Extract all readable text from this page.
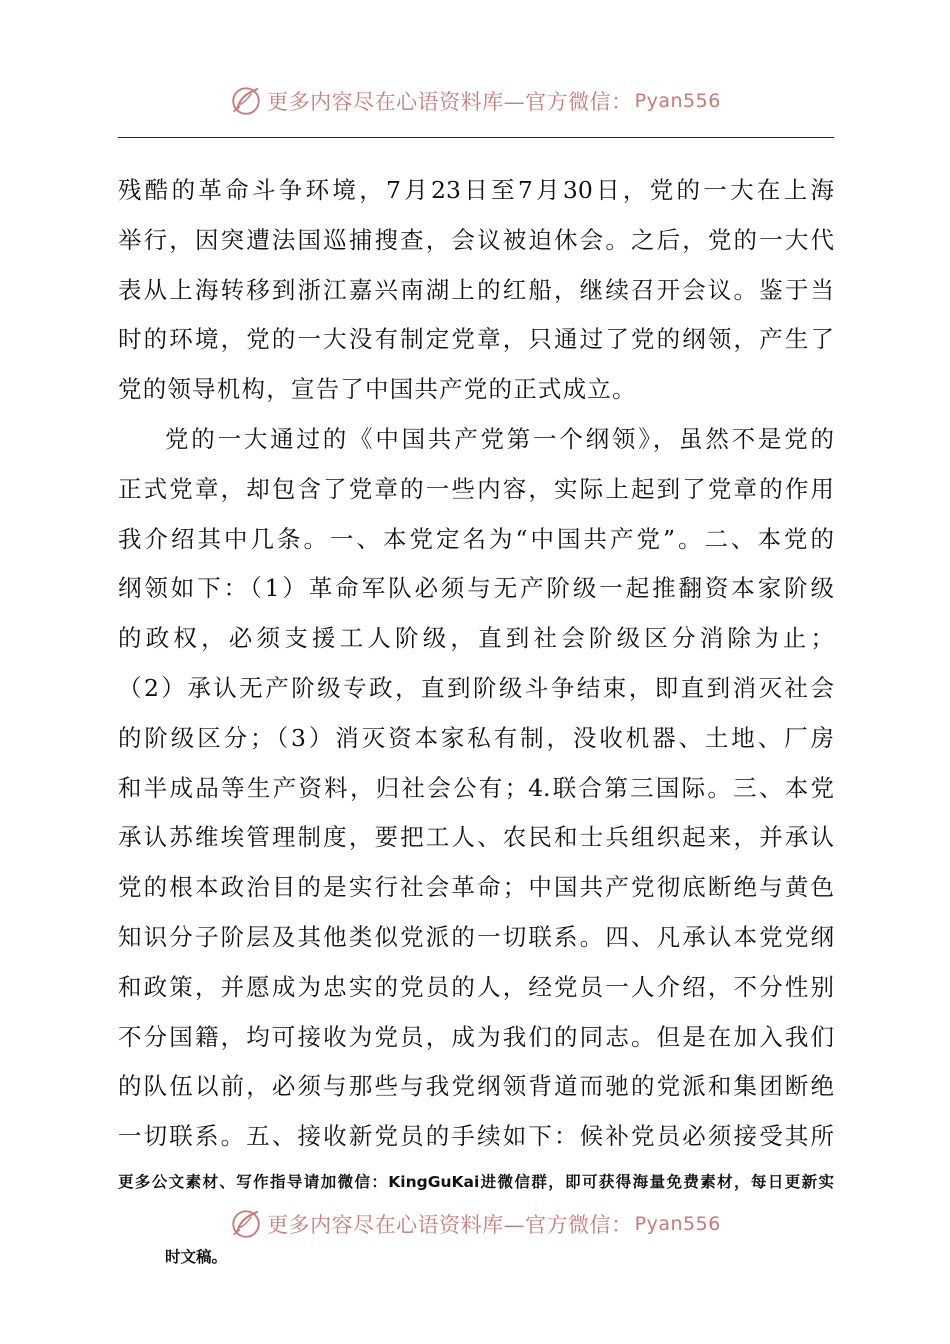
更多内容尽在心语资料库—官方微信： Pyan556
残酷的革命斗争环境，7月23日至7月30日，党的一大在上海
举行，因突遭法国巡捕搜查，会议被迫休会。之后，党的一大代
表从上海转移到浙江嘉兴南湖上的红船，继续召开会议。鉴于当
时的环境，党的一大没有制定党章，只通过了党的纲领，产生了
党的领导机构，宣告了中国共产党的正式成立。
党的一大通过的《中国共产党第一个纲领》，虽然不是党的
正式党章，却包含了党章的一些内容，实际上起到了党章的作用
我介绍其中几条。一、本党定名为“中国共产党”。二、本党的
纲领如下：（1）革命军队必须与无产阶级一起推翻资本家阶级
的政权，必须支援工人阶级，直到社会阶级区分消除为止；
（2）承认无产阶级专政，直到阶级斗争结束，即直到消灭社会
的阶级区分；（3）消灭资本家私有制，没收机器、土地、厂房
和半成品等生产资料，归社会公有；4.联合第三国际。三、本党
承认苏维埃管理制度，要把工人、农民和士兵组织起来，并承认
党的根本政治目的是实行社会革命；中国共产党彻底断绝与黄色
知识分子阶层及其他类似党派的一切联系。四、凡承认本党党纲
和政策，并愿成为忠实的党员的人，经党员一人介绍，不分性别
不分国籍，均可接收为党员，成为我们的同志。但是在加入我们
的队伍以前，必须与那些与我党纲领背道而驰的党派和集团断绝
一切联系。五、接收新党员的手续如下：候补党员必须接受其所
更多公文素材、写作指导请加微信：KingGuKai进微信群，即可获得海量免费素材，每日更新实
更多内容尽在心语资料库—官方微信： Pyan556
时文稿。
